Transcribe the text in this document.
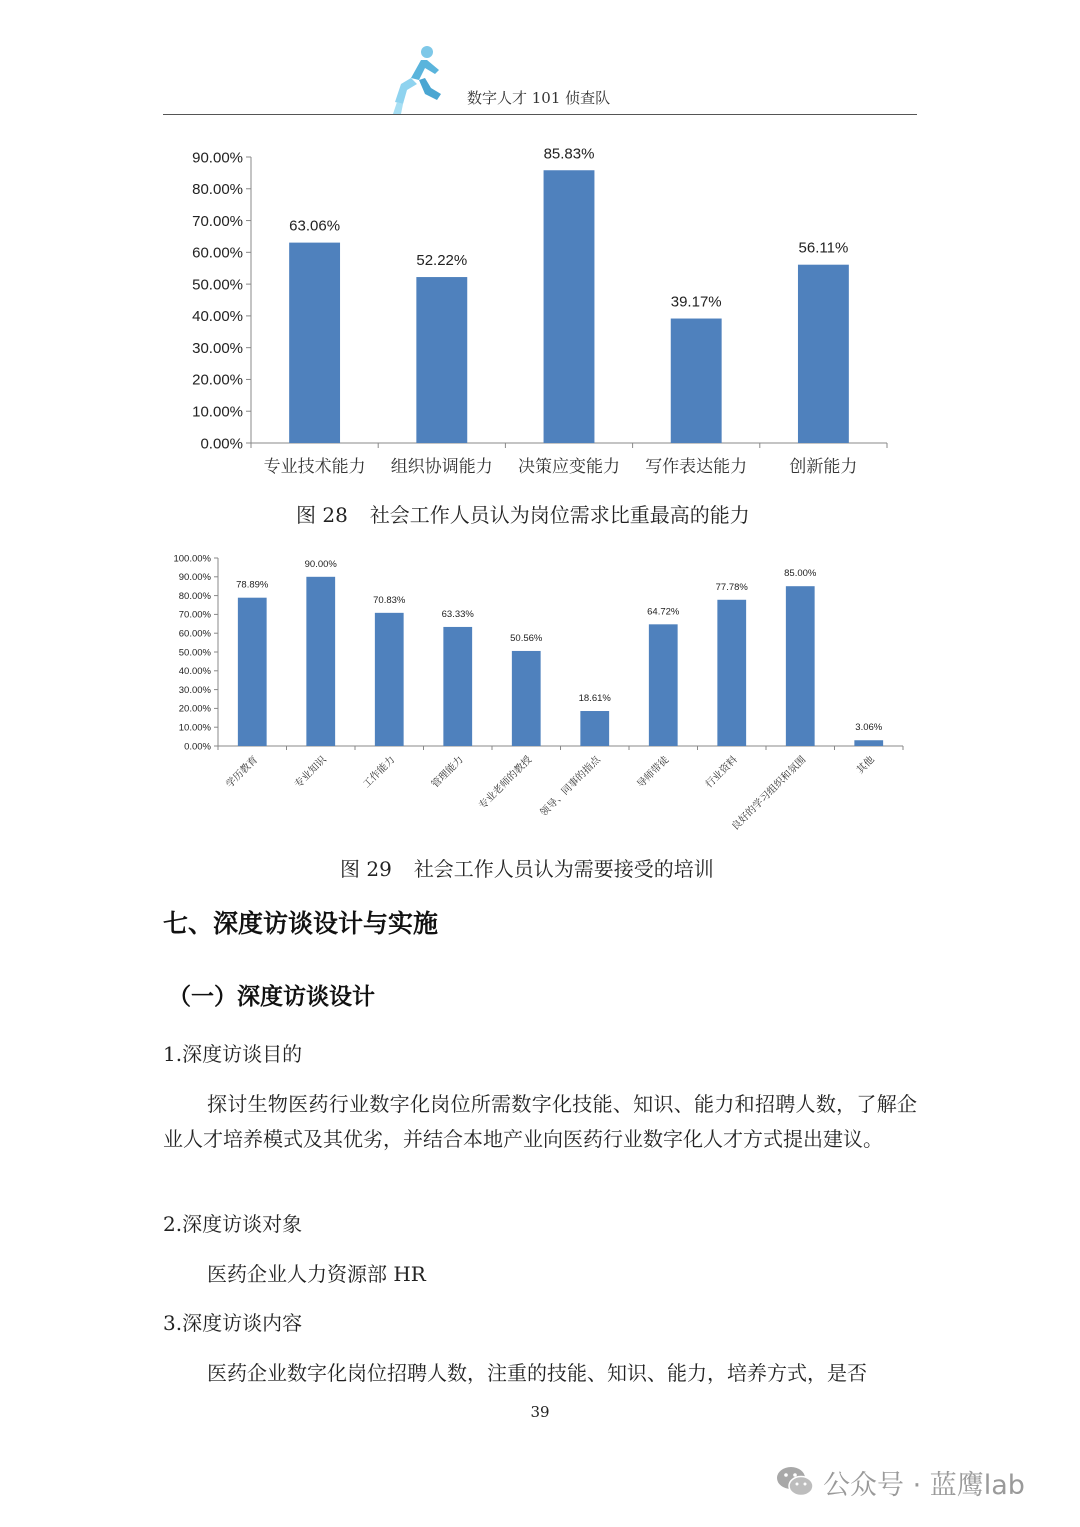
数字人才 101 侦查队
0.00%
10.00%
20.00%
30.00%
40.00%
50.00%
60.00%
70.00%
80.00%
90.00%
63.06%
专业技术能力
52.22%
组织协调能力
85.83%
决策应变能力
39.17%
写作表达能力
56.11%
创新能力
图 28 社会工作人员认为岗位需求比重最高的能力
0.00%
10.00%
20.00%
30.00%
40.00%
50.00%
60.00%
70.00%
80.00%
90.00%
100.00%
78.89%
学历教育
90.00%
专业知识
70.83%
工作能力
63.33%
管理能力
50.56%
专业老师的教授
18.61%
领导、同事的指点
64.72%
导师带徒
77.78%
行业资料
85.00%
良好的学习组织和氛围
3.06%
其他
图 29 社会工作人员认为需要接受的培训
七、深度访谈设计与实施
（一）深度访谈设计
1.深度访谈目的
探讨生物医药行业数字化岗位所需数字化技能、知识、能力和招聘人数，了解企业人才培养模式及其优劣，并结合本地产业向医药行业数字化人才方式提出建议。
2.深度访谈对象
医药企业人力资源部 HR
3.深度访谈内容
医药企业数字化岗位招聘人数，注重的技能、知识、能力，培养方式，是否
39
公众号 · 蓝鹰lab
